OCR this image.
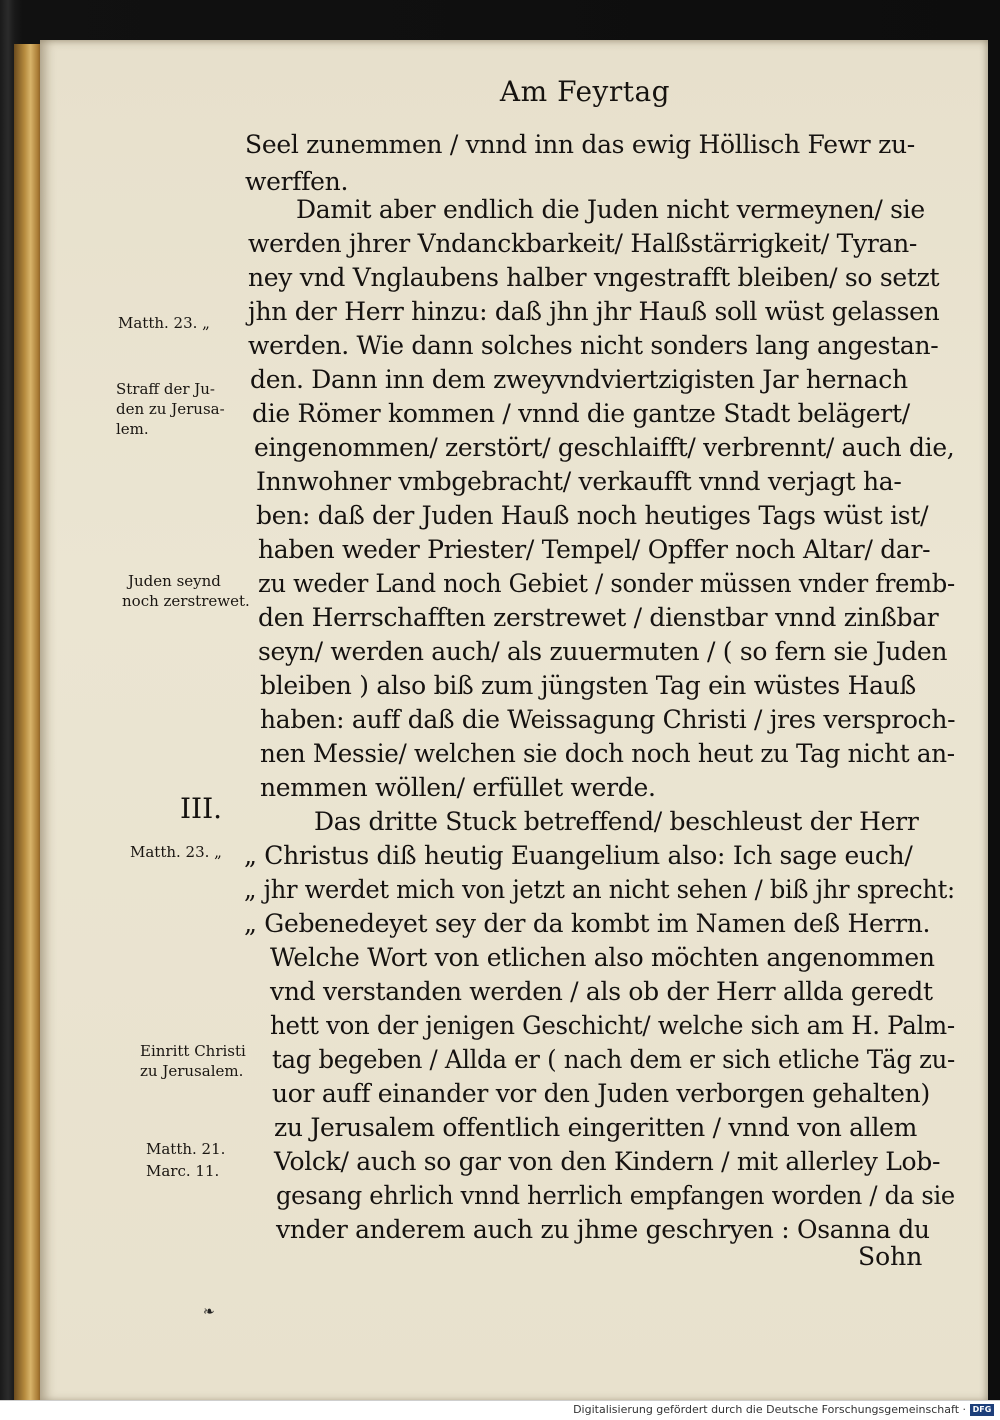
Am Feyrtag
Seel zunemmen / vnnd inn das ewig Höllisch Fewr zu-
werffen.
Damit aber endlich die Juden nicht vermeynen/ sie
werden jhrer Vndanckbarkeit/ Halßstärrigkeit/ Tyran-
ney vnd Vnglaubens halber vngestrafft bleiben/ so setzt
jhn der Herr hinzu: daß jhn jhr Hauß soll wüst gelassen
werden. Wie dann solches nicht sonders lang angestan-
den. Dann inn dem zweyvndviertzigisten Jar hernach
die Römer kommen / vnnd die gantze Stadt belägert/
eingenommen/ zerstört/ geschlaifft/ verbrennt/ auch die,
Innwohner vmbgebracht/ verkaufft vnnd verjagt ha-
ben: daß der Juden Hauß noch heutiges Tags wüst ist/
haben weder Priester/ Tempel/ Opffer noch Altar/ dar-
zu weder Land noch Gebiet / sonder müssen vnder fremb-
den Herrschafften zerstrewet / dienstbar vnnd zinßbar
seyn/ werden auch/ als zuuermuten / ( so fern sie Juden
bleiben ) also biß zum jüngsten Tag ein wüstes Hauß
haben: auff daß die Weissagung Christi / jres versproch-
nen Messie/ welchen sie doch noch heut zu Tag nicht an-
nemmen wöllen/ erfüllet werde.
Das dritte Stuck betreffend/ beschleust der Herr
„ Christus diß heutig Euangelium also: Ich sage euch/
„ jhr werdet mich von jetzt an nicht sehen / biß jhr sprecht:
„ Gebenedeyet sey der da kombt im Namen deß Herrn.
Welche Wort von etlichen also möchten angenommen
vnd verstanden werden / als ob der Herr allda geredt
hett von der jenigen Geschicht/ welche sich am H. Palm-
tag begeben / Allda er ( nach dem er sich etliche Täg zu-
uor auff einander vor den Juden verborgen gehalten)
zu Jerusalem offentlich eingeritten / vnnd von allem
Volck/ auch so gar von den Kindern / mit allerley Lob-
gesang ehrlich vnnd herrlich empfangen worden / da sie
vnder anderem auch zu jhme geschryen : Osanna du
Sohn
Matth. 23. „
Straff der Ju-
den zu Jerusa-
lem.
Juden seynd
noch zerstrewet.
III.
Matth. 23. „
Einritt Christi
zu Jerusalem.
Matth. 21.
Marc. 11.
❧
Digitalisierung gefördert durch die Deutsche Forschungsgemeinschaft · DFG
